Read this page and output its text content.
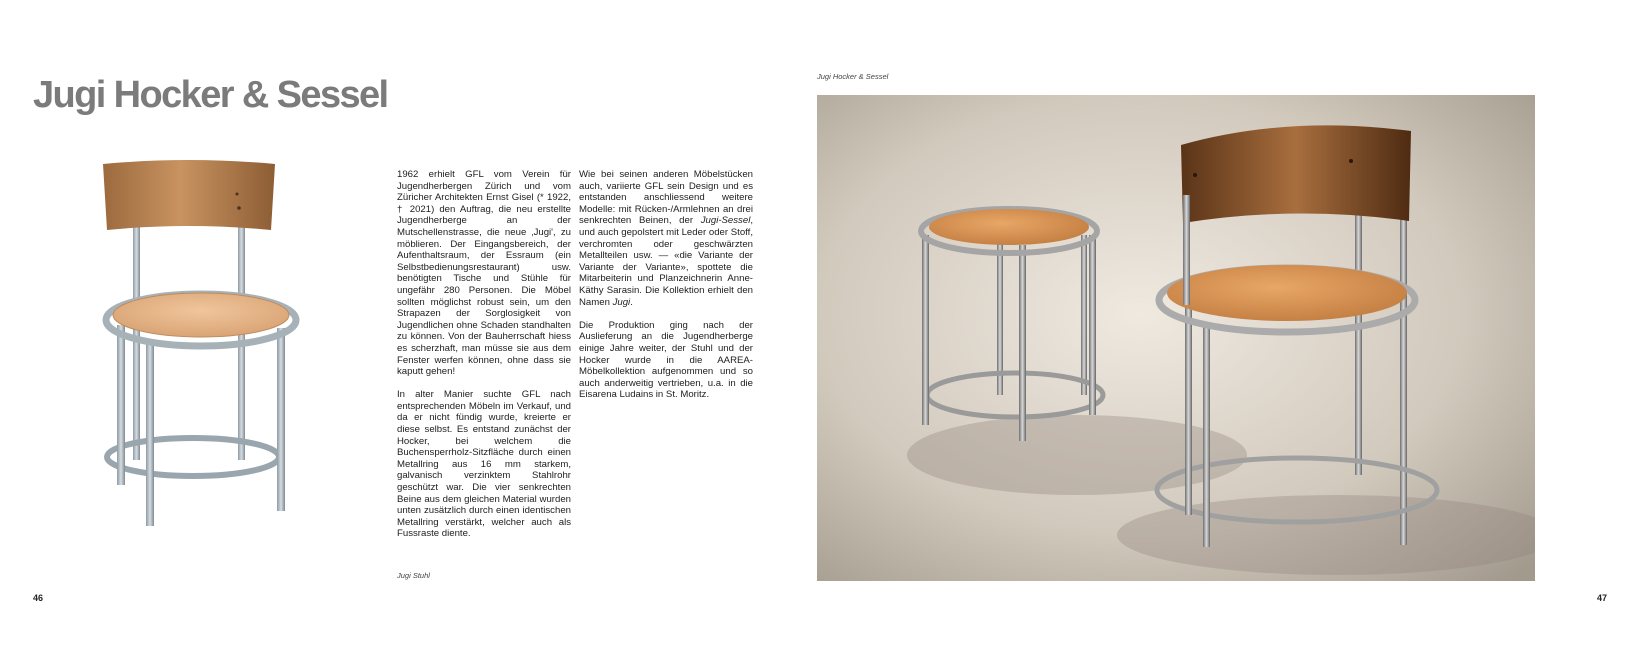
Jugi Hocker & Sessel

1962 erhielt GFL vom Verein für Jugendherbergen Zürich und vom Züricher Architekten Ernst Gisel (* 1922, † 2021) den Auftrag, die neu erstellte Jugendherberge an der Mutschellenstrasse, die neue ‚Jugi', zu möblieren. Der Eingangsbereich, der Aufenthaltsraum, der Essraum (ein Selbstbedienungsrestaurant) usw. benötigten Tische und Stühle für ungefähr 280 Personen. Die Möbel sollten möglichst robust sein, um den Strapazen der Sorglosigkeit von Jugendlichen ohne Schaden standhalten zu können. Von der Bauherrschaft hiess es scherzhaft, man müsse sie aus dem Fenster werfen können, ohne dass sie kaputt gehen!

In alter Manier suchte GFL nach entsprechenden Möbeln im Verkauf, und da er nicht fündig wurde, kreierte er diese selbst. Es entstand zunächst der Hocker, bei welchem die Buchensperrholz-Sitzfläche durch einen Metallring aus 16 mm starkem, galvanisch verzinktem Stahlrohr geschützt war. Die vier senkrechten Beine aus dem gleichen Material wurden unten zusätzlich durch einen identischen Metallring verstärkt, welcher auch als Fussraste diente.

Wie bei seinen anderen Möbelstücken auch, variierte GFL sein Design und es entstanden anschliessend weitere Modelle: mit Rücken-/Armlehnen an drei senkrechten Beinen, der Jugi-Sessel, und auch gepolstert mit Leder oder Stoff, verchromten oder geschwärzten Metallteilen usw. — «die Variante der Variante der Variante», spottete die Mitarbeiterin und Planzeichnerin Anne-Käthy Sarasin. Die Kollektion erhielt den Namen Jugi.

Die Produktion ging nach der Auslieferung an die Jugendherberge einige Jahre weiter, der Stuhl und der Hocker wurde in die AAREA-Möbelkollektion aufgenommen und so auch anderweitig vertrieben, u.a. in die Eisarena Ludains in St. Moritz.

Jugi Stuhl
46
Jugi Hocker & Sessel
47
